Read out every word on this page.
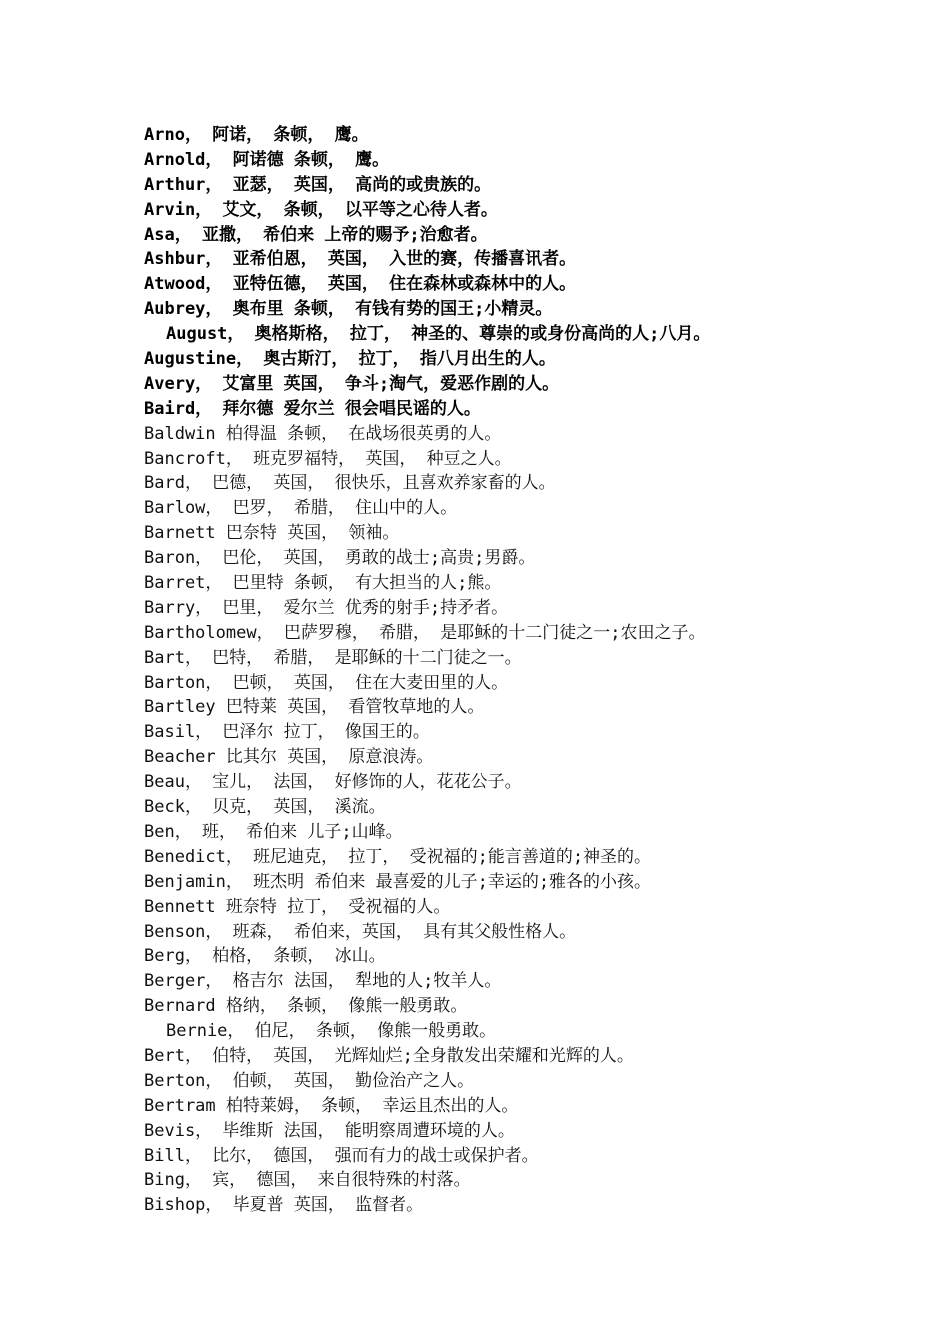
Arno， 阿诺， 条顿， 鹰。
Arnold， 阿诺德 条顿， 鹰。
Arthur， 亚瑟， 英国， 高尚的或贵族的。
Arvin， 艾文， 条顿， 以平等之心待人者。
Asa， 亚撒， 希伯来 上帝的赐予;治愈者。
Ashbur， 亚希伯恩， 英国， 入世的赛，传播喜讯者。
Atwood， 亚特伍德， 英国， 住在森林或森林中的人。
Aubrey， 奥布里 条顿， 有钱有势的国王;小精灵。
August， 奥格斯格， 拉丁， 神圣的、尊崇的或身份高尚的人;八月。
Augustine， 奥古斯汀， 拉丁， 指八月出生的人。
Avery， 艾富里 英国， 争斗;淘气，爱恶作剧的人。
Baird， 拜尔德 爱尔兰 很会唱民谣的人。
Baldwin 柏得温 条顿， 在战场很英勇的人。
Bancroft， 班克罗福特， 英国， 种豆之人。
Bard， 巴德， 英国， 很快乐，且喜欢养家畜的人。
Barlow， 巴罗， 希腊， 住山中的人。
Barnett 巴奈特 英国， 领袖。
Baron， 巴伦， 英国， 勇敢的战士;高贵;男爵。
Barret， 巴里特 条顿， 有大担当的人;熊。
Barry， 巴里， 爱尔兰 优秀的射手;持矛者。
Bartholomew， 巴萨罗穆， 希腊， 是耶稣的十二门徒之一;农田之子。
Bart， 巴特， 希腊， 是耶稣的十二门徒之一。
Barton， 巴顿， 英国， 住在大麦田里的人。
Bartley 巴特莱 英国， 看管牧草地的人。
Basil， 巴泽尔 拉丁， 像国王的。
Beacher 比其尔 英国， 原意浪涛。
Beau， 宝儿， 法国， 好修饰的人，花花公子。
Beck， 贝克， 英国， 溪流。
Ben， 班， 希伯来 儿子;山峰。
Benedict， 班尼迪克， 拉丁， 受祝福的;能言善道的;神圣的。
Benjamin， 班杰明 希伯来 最喜爱的儿子;幸运的;雅各的小孩。
Bennett 班奈特 拉丁， 受祝福的人。
Benson， 班森， 希伯来，英国， 具有其父般性格人。
Berg， 柏格， 条顿， 冰山。
Berger， 格吉尔 法国， 犁地的人;牧羊人。
Bernard 格纳， 条顿， 像熊一般勇敢。
Bernie， 伯尼， 条顿， 像熊一般勇敢。
Bert， 伯特， 英国， 光辉灿烂;全身散发出荣耀和光辉的人。
Berton， 伯顿， 英国， 勤俭治产之人。
Bertram 柏特莱姆， 条顿， 幸运且杰出的人。
Bevis， 毕维斯 法国， 能明察周遭环境的人。
Bill， 比尔， 德国， 强而有力的战士或保护者。
Bing， 宾， 德国， 来自很特殊的村落。
Bishop， 毕夏普 英国， 监督者。
